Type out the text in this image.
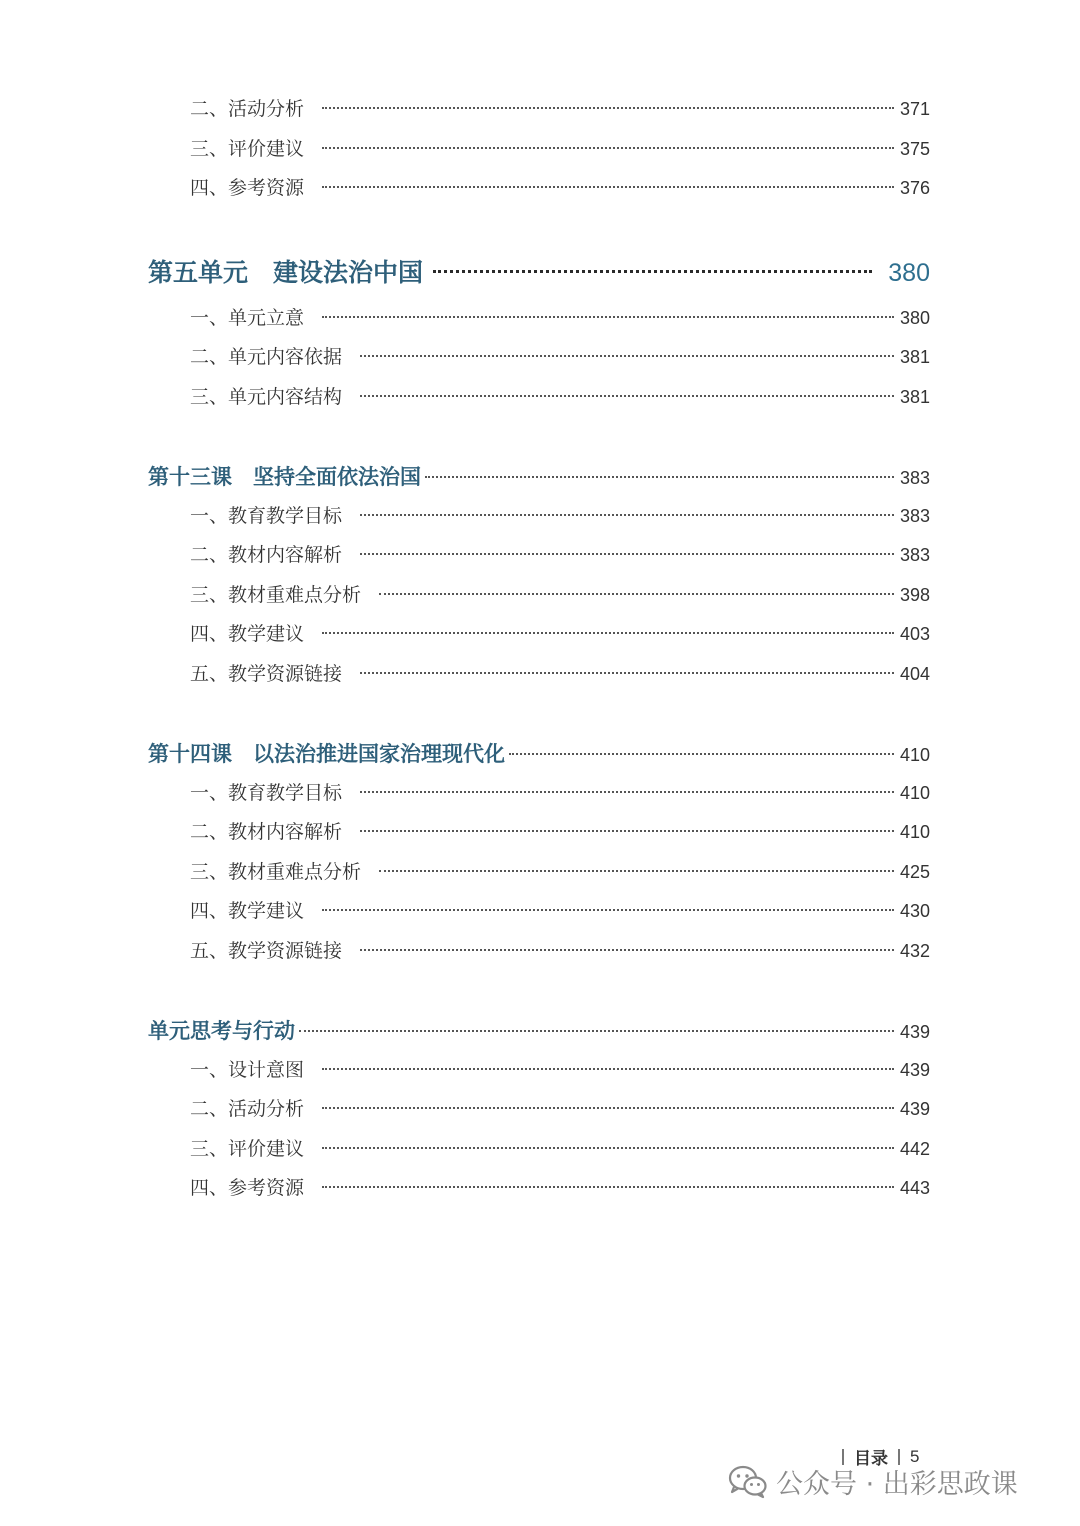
二、活动分析	371
三、评价建议	375
四、参考资源	376
第五单元　建设法治中国	380
一、单元立意	380
二、单元内容依据	381
三、单元内容结构	381
第十三课　坚持全面依法治国	383
一、教育教学目标	383
二、教材内容解析	383
三、教材重难点分析	398
四、教学建议	403
五、教学资源链接	404
第十四课　以法治推进国家治理现代化	410
一、教育教学目标	410
二、教材内容解析	410
三、教材重难点分析	425
四、教学建议	430
五、教学资源链接	432
单元思考与行动	439
一、设计意图	439
二、活动分析	439
三、评价建议	442
四、参考资源	443
目录 5
公众号 · 出彩思政课
